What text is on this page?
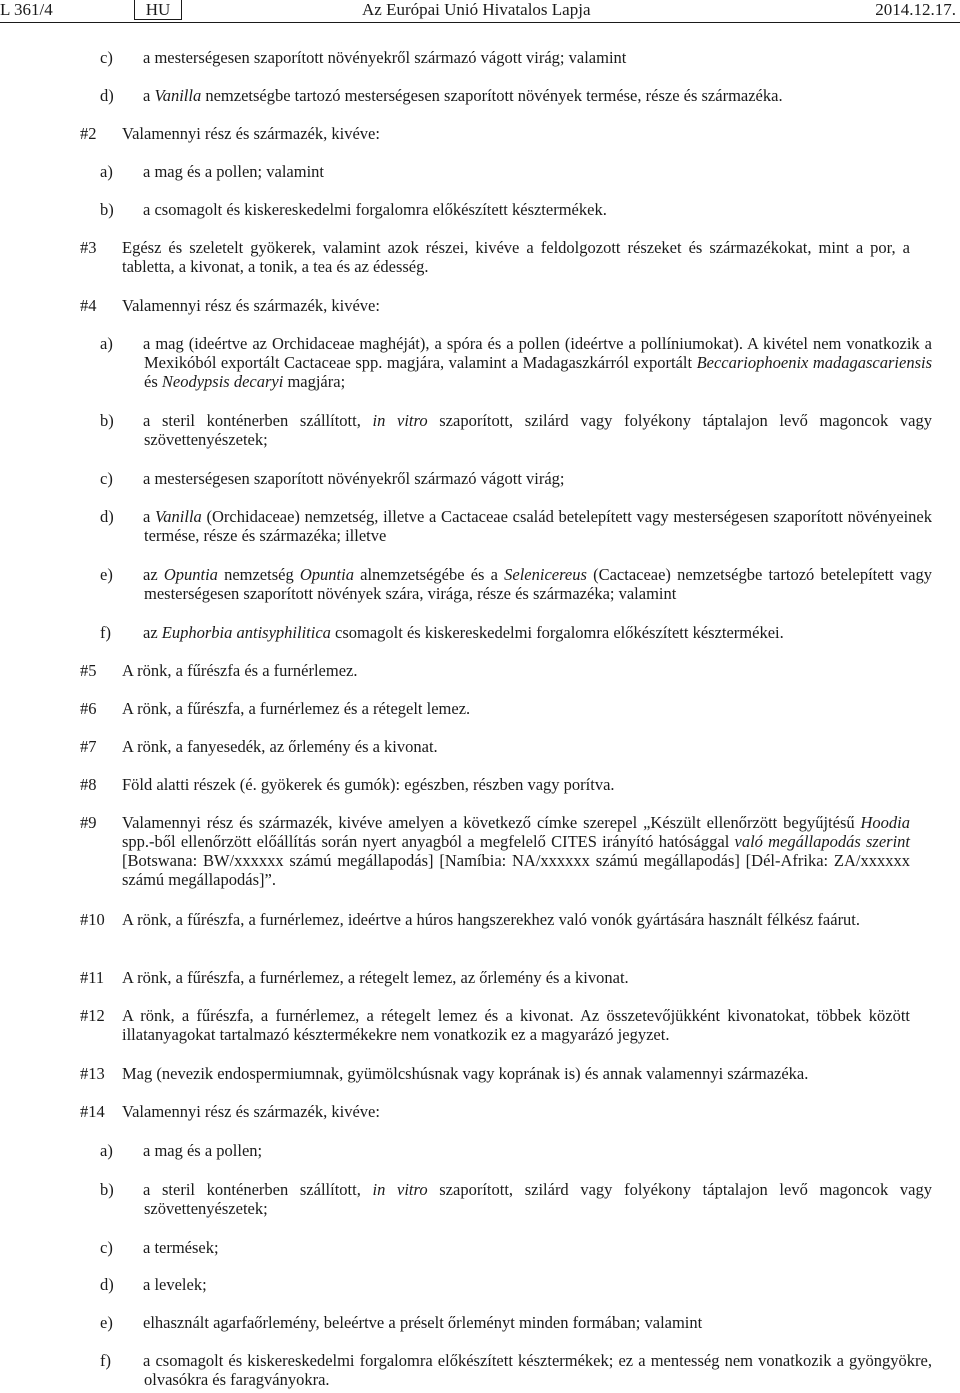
L 361/4	HU	Az Európai Unió Hivatalos Lapja	2014.12.17.
c) a mesterségesen szaporított növényekről származó vágott virág; valamint
d) a Vanilla nemzetségbe tartozó mesterségesen szaporított növények termése, része és származéka.
#2 Valamennyi rész és származék, kivéve:
a) a mag és a pollen; valamint
b) a csomagolt és kiskereskedelmi forgalomra előkészített késztermékek.
#3 Egész és szeletelt gyökerek, valamint azok részei, kivéve a feldolgozott részeket és származékokat, mint a por, a tabletta, a kivonat, a tonik, a tea és az édesség.
#4 Valamennyi rész és származék, kivéve:
a) a mag (ideértve az Orchidaceae maghéját), a spóra és a pollen (ideértve a pollíniumokat). A kivétel nem vonatkozik a Mexikóból exportált Cactaceae spp. magjára, valamint a Madagaszkárról exportált Beccariophoenix madagascariensis és Neodypsis decaryi magjára;
b) a steril konténerben szállított, in vitro szaporított, szilárd vagy folyékony táptalajon levő magoncok vagy szövettenyészetek;
c) a mesterségesen szaporított növényekről származó vágott virág;
d) a Vanilla (Orchidaceae) nemzetség, illetve a Cactaceae család betelepített vagy mesterségesen szaporított növényeinek termése, része és származéka; illetve
e) az Opuntia nemzetség Opuntia alnemzetségébe és a Selenicereus (Cactaceae) nemzetségbe tartozó betelepített vagy mesterségesen szaporított növények szára, virága, része és származéka; valamint
f) az Euphorbia antisyphilitica csomagolt és kiskereskedelmi forgalomra előkészített késztermékei.
#5 A rönk, a fűrészfa és a furnérlemez.
#6 A rönk, a fűrészfa, a furnérlemez és a rétegelt lemez.
#7 A rönk, a fanyesedék, az őrlemény és a kivonat.
#8 Föld alatti részek (é. gyökerek és gumók): egészben, részben vagy porítva.
#9 Valamennyi rész és származék, kivéve amelyen a következő címke szerepel „Készült ellenőrzött begyűjtésű Hoodia spp.-ből ellenőrzött előállítás során nyert anyagból a megfelelő CITES irányító hatósággal való megállapodás szerint [Botswana: BW/xxxxxx számú megállapodás] [Namíbia: NA/xxxxxx számú megállapodás] [Dél-Afrika: ZA/xxxxxx számú megállapodás]”.
#10 A rönk, a fűrészfa, a furnérlemez, ideértve a húros hangszerekhez való vonók gyártására használt félkész faárut.
#11 A rönk, a fűrészfa, a furnérlemez, a rétegelt lemez, az őrlemény és a kivonat.
#12 A rönk, a fűrészfa, a furnérlemez, a rétegelt lemez és a kivonat. Az összetevőjükként kivonatokat, többek között illatanyagokat tartalmazó késztermékekre nem vonatkozik ez a magyarázó jegyzet.
#13 Mag (nevezik endospermiumnak, gyümölcshúsnak vagy koprának is) és annak valamennyi származéka.
#14 Valamennyi rész és származék, kivéve:
a) a mag és a pollen;
b) a steril konténerben szállított, in vitro szaporított, szilárd vagy folyékony táptalajon levő magoncok vagy szövettenyészetek;
c) a termések;
d) a levelek;
e) elhasznált agarfaőrlemény, beleértve a préselt őrleményt minden formában; valamint
f) a csomagolt és kiskereskedelmi forgalomra előkészített késztermékek; ez a mentesség nem vonatkozik a gyöngyökre, olvasókra és faragványokra.
